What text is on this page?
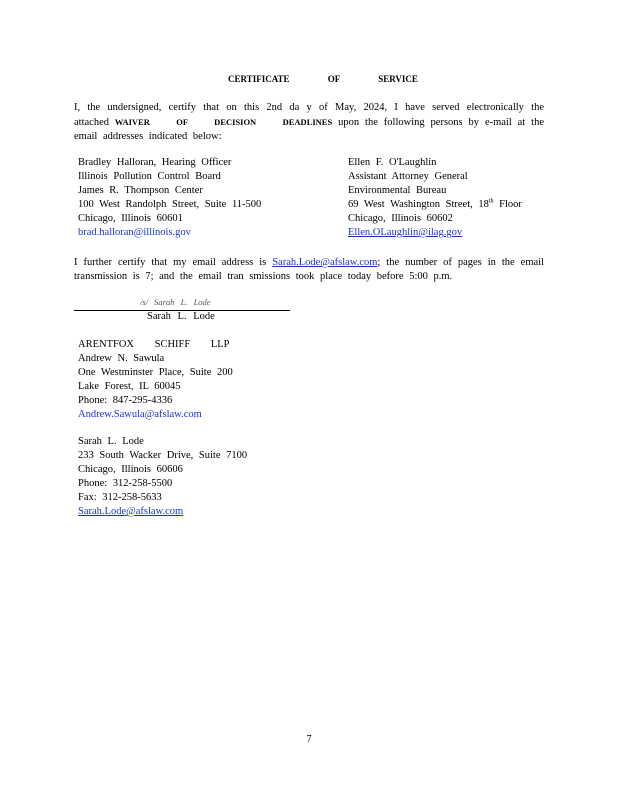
CERTIFICATE OF SERVICE
I, the undersigned, certify that on this 2nd da y of May, 2024, I have served electronically the attached WAIVER OF DECISION DEADLINES upon the following persons by e-mail at the email addresses indicated below:
Bradley Halloran, Hearing Officer
Illinois Pollution Control Board
James R. Thompson Center
100 West Randolph Street, Suite 11-500
Chicago, Illinois 60601
brad.halloran@illinois.gov
Ellen F. O'Laughlin
Assistant Attorney General
Environmental Bureau
69 West Washington Street, 18th Floor
Chicago, Illinois 60602
Ellen.OLaughlin@ilag.gov
I further certify that my email address is Sarah.Lode@afslaw.com; the number of pages in the email transmission is 7; and the email tran smissions took place today before 5:00 p.m.
/s/ Sarah L. Lode
Sarah L. Lode
ARENTFOX SCHIFF LLP
Andrew N. Sawula
One Westminster Place, Suite 200
Lake Forest, IL 60045
Phone: 847-295-4336
Andrew.Sawula@afslaw.com
Sarah L. Lode
233 South Wacker Drive, Suite 7100
Chicago, Illinois 60606
Phone: 312-258-5500
Fax: 312-258-5633
Sarah.Lode@afslaw.com
7
